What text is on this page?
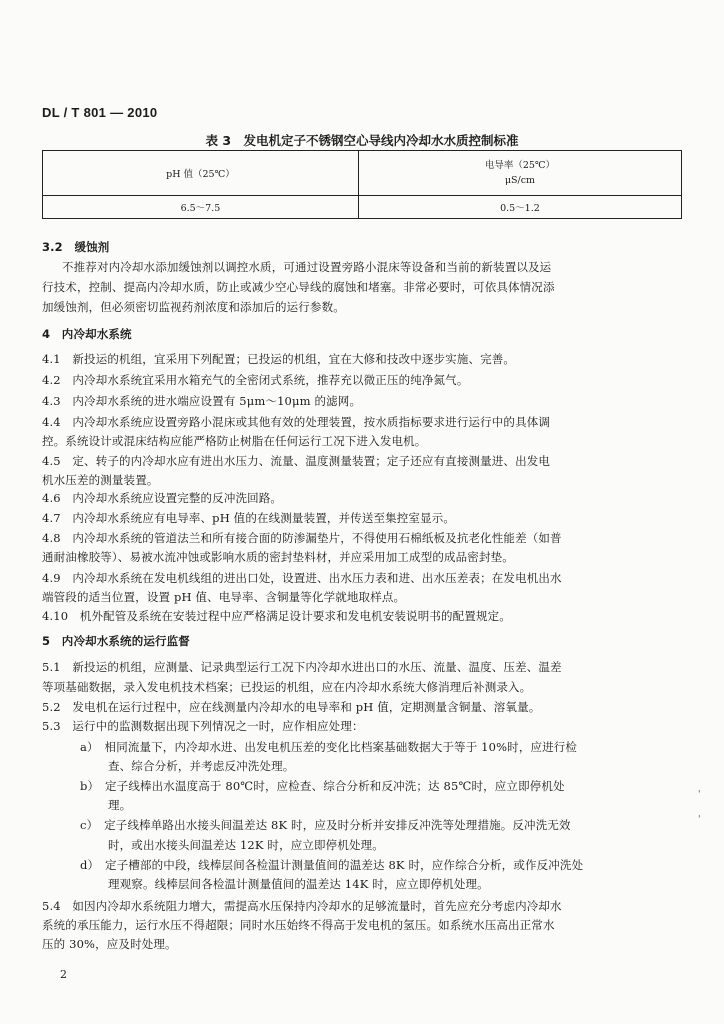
DL / T 801 — 2010
表 3　发电机定子不锈钢空心导线内冷却水水质控制标准
pH 值（25℃）	电导率（25℃）
μS/cm

6.5～7.5	0.5～1.2
3.2　缓蚀剂
不推荐对内冷却水添加缓蚀剂以调控水质，可通过设置旁路小混床等设备和当前的新装置以及运
行技术，控制、提高内冷却水质，防止或减少空心导线的腐蚀和堵塞。非常必要时，可依具体情况添
加缓蚀剂，但必须密切监视药剂浓度和添加后的运行参数。
4　内冷却水系统
4.1　新投运的机组，宜采用下列配置；已投运的机组，宜在大修和技改中逐步实施、完善。
4.2　内冷却水系统宜采用水箱充气的全密闭式系统，推荐充以微正压的纯净氮气。
4.3　内冷却水系统的进水端应设置有 5μm～10μm 的滤网。
4.4　内冷却水系统应设置旁路小混床或其他有效的处理装置，按水质指标要求进行运行中的具体调
控。系统设计或混床结构应能严格防止树脂在任何运行工况下进入发电机。
4.5　定、转子的内冷却水应有进出水压力、流量、温度测量装置；定子还应有直接测量进、出发电
机水压差的测量装置。
4.6　内冷却水系统应设置完整的反冲洗回路。
4.7　内冷却水系统应有电导率、pH 值的在线测量装置，并传送至集控室显示。
4.8　内冷却水系统的管道法兰和所有接合面的防渗漏垫片，不得使用石棉纸板及抗老化性能差（如普
通耐油橡胶等）、易被水流冲蚀或影响水质的密封垫料材，并应采用加工成型的成品密封垫。
4.9　内冷却水系统在发电机线组的进出口处，设置进、出水压力表和进、出水压差表；在发电机出水
端管段的适当位置，设置 pH 值、电导率、含铜量等化学就地取样点。
4.10　机外配管及系统在安装过程中应严格满足设计要求和发电机安装说明书的配置规定。
5　内冷却水系统的运行监督
5.1　新投运的机组，应测量、记录典型运行工况下内冷却水进出口的水压、流量、温度、压差、温差
等项基础数据，录入发电机技术档案；已投运的机组，应在内冷却水系统大修消理后补测录入。
5.2　发电机在运行过程中，应在线测量内冷却水的电导率和 pH 值，定期测量含铜量、溶氧量。
5.3　运行中的监测数据出现下列情况之一时，应作相应处理：
a）　相同流量下，内冷却水进、出发电机压差的变化比档案基础数据大于等于 10%时，应进行检
查、综合分析，并考虑反冲洗处理。
b）　定子线棒出水温度高于 80℃时，应检查、综合分析和反冲洗；达 85℃时，应立即停机处
理。
c）　定子线棒单路出水接头间温差达 8K 时，应及时分析并安排反冲洗等处理措施。反冲洗无效
时，或出水接头间温差达 12K 时，应立即停机处理。
d）　定子槽部的中段，线棒层间各检温计测量值间的温差达 8K 时，应作综合分析，或作反冲洗处
理观察。线棒层间各检温计测量值间的温差达 14K 时，应立即停机处理。
5.4　如因内冷却水系统阻力增大，需提高水压保持内冷却水的足够流量时，首先应充分考虑内冷却水
系统的承压能力，运行水压不得超限；同时水压始终不得高于发电机的氢压。如系统水压高出正常水
压的 30%，应及时处理。
2
'
'
